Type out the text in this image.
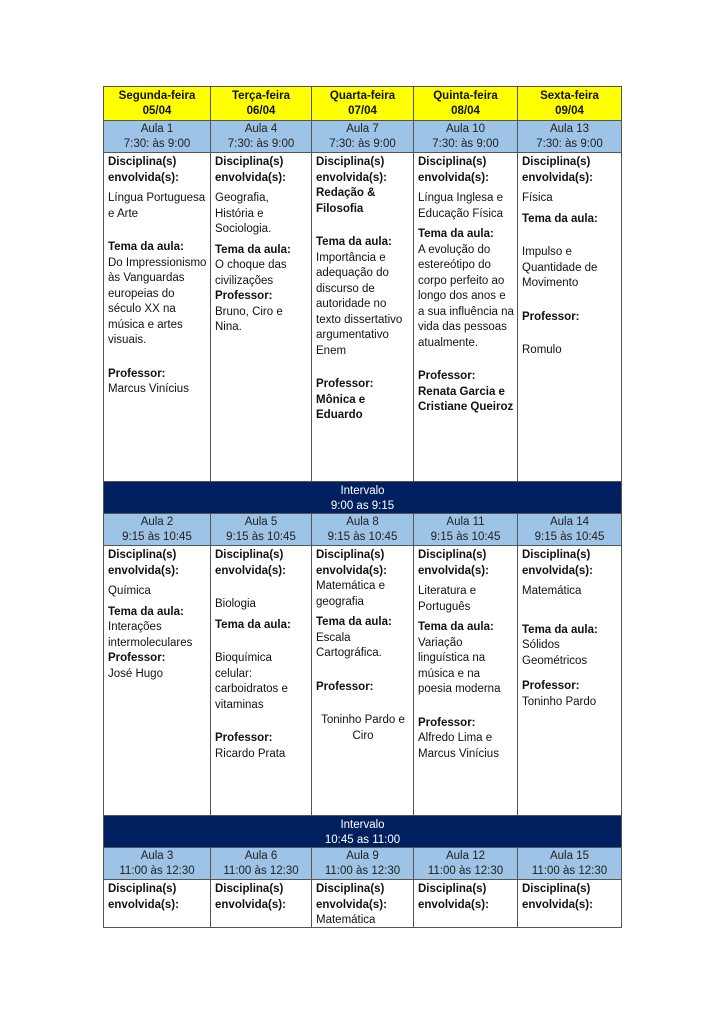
Segunda-feira
05/04
Terça-feira
06/04
Quarta-feira
07/04
Quinta-feira
08/04
Sexta-feira
09/04
Aula 1
7:30: às 9:00
Aula 4
7:30: às 9:00
Aula 7
7:30: às 9:00
Aula 10
7:30: às 9:00
Aula 13
7:30: às 9:00
Disciplina(s)
envolvida(s):
Língua Portuguesa e Arte
Tema da aula:
Do Impressionismo às Vanguardas europeias do século XX na música e artes visuais.
Professor:
Marcus Vinícius
Disciplina(s)
envolvida(s):
Geografia, História e Sociologia.
Tema da aula:
O choque das civilizações
Professor:
Bruno, Ciro e Nina.
Disciplina(s)
envolvida(s):
Redação & Filosofia
Tema da aula:
Importância e adequação do discurso de autoridade no texto dissertativo argumentativo Enem
Professor:
Mônica e Eduardo
Disciplina(s)
envolvida(s):
Língua Inglesa e Educação Física
Tema da aula:
A evolução do estereótipo do corpo perfeito ao longo dos anos e a sua influência na vida das pessoas atualmente.
Professor:
Renata Garcia e Cristiane Queiroz
Disciplina(s)
envolvida(s):
Física
Tema da aula:
Impulso e Quantidade de Movimento
Professor:
Romulo
Intervalo
9:00 as 9:15
Aula 2
9:15 às 10:45
Aula 5
9:15 às 10:45
Aula 8
9:15 às 10:45
Aula 11
9:15 às 10:45
Aula 14
9:15 às 10:45
Disciplina(s)
envolvida(s):
Química
Tema da aula:
Interações intermoleculares
Professor:
José Hugo
Disciplina(s)
envolvida(s):
Biologia
Tema da aula:
Bioquímica celular: carboidratos e vitaminas
Professor:
Ricardo Prata
Disciplina(s)
envolvida(s):
Matemática e geografia
Tema da aula:
Escala Cartográfica.
Professor:
Toninho Pardo e Ciro
Disciplina(s)
envolvida(s):
Literatura e Português
Tema da aula:
Variação linguística na música e na poesia moderna
Professor:
Alfredo Lima e Marcus Vinícius
Disciplina(s)
envolvida(s):
Matemática
Tema da aula:
Sólidos Geométricos
Professor:
Toninho Pardo
Intervalo
10:45 as 11:00
Aula 3
11:00 às 12:30
Aula 6
11:00 às 12:30
Aula 9
11:00 às 12:30
Aula 12
11:00 às 12:30
Aula 15
11:00 às 12:30
Disciplina(s)
envolvida(s):
Disciplina(s)
envolvida(s):
Disciplina(s)
envolvida(s):
Matemática
Disciplina(s)
envolvida(s):
Disciplina(s)
envolvida(s):
